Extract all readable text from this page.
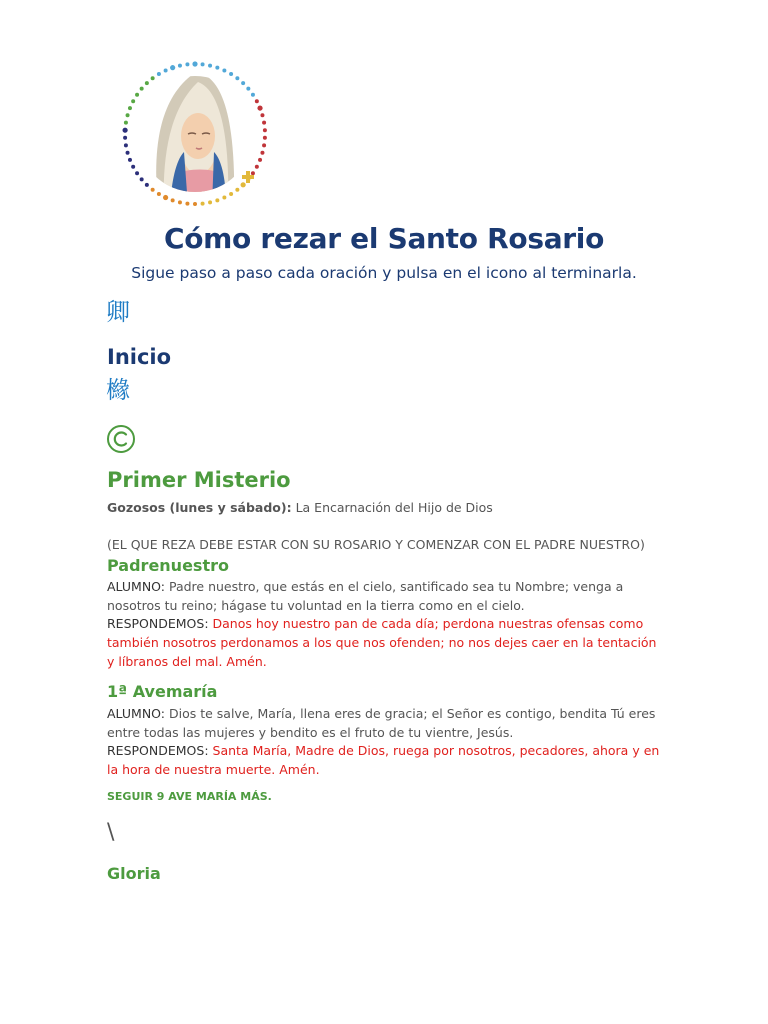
Cómo rezar el Santo Rosario

Sigue paso a paso cada oración y pulsa en el icono al terminarla.

卿
Inicio
櫞
Primer Misterio

Gozosos (lunes y sábado): La Encarnación del Hijo de Dios

(EL QUE REZA DEBE ESTAR CON SU ROSARIO Y COMENZAR CON EL PADRE NUESTRO)

Padrenuestro

ALUMNO: Padre nuestro, que estás en el cielo, santificado sea tu Nombre; venga a nosotros tu reino; hágase tu voluntad en la tierra como en el cielo.

RESPONDEMOS: Danos hoy nuestro pan de cada día; perdona nuestras ofensas como también nosotros perdonamos a los que nos ofenden; no nos dejes caer en la tentación y líbranos del mal. Amén.

1ª Avemaría

ALUMNO: Dios te salve, María, llena eres de gracia; el Señor es contigo, bendita Tú eres entre todas las mujeres y bendito es el fruto de tu vientre, Jesús.

RESPONDEMOS: Santa María, Madre de Dios, ruega por nosotros, pecadores, ahora y en la hora de nuestra muerte. Amén.

SEGUIR 9 AVE MARÍA MÁS.

\
Gloria
